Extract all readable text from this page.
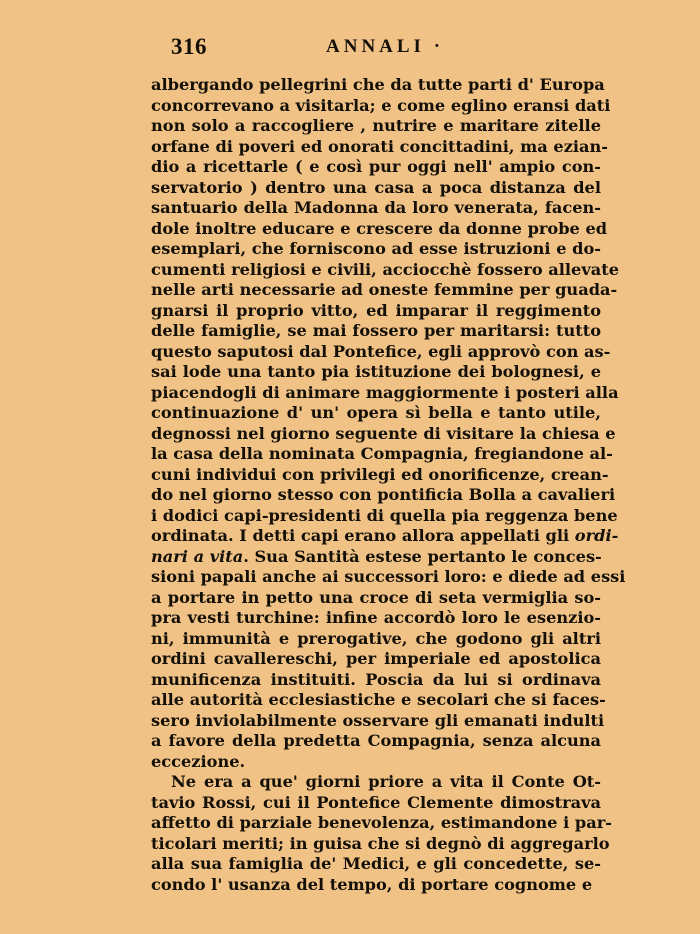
316	ANNALI ·
albergando pellegrini che da tutte parti d' Europa
concorrevano a visitarla; e come eglino eransi dati
non solo a raccogliere , nutrire e maritare zitelle
orfane di poveri ed onorati concittadini, ma ezian-
dio a ricettarle ( e così pur oggi nell' ampio con-
servatorio ) dentro una casa a poca distanza del
santuario della Madonna da loro venerata, facen-
dole inoltre educare e crescere da donne probe ed
esemplari, che forniscono ad esse istruzioni e do-
cumenti religiosi e civili, acciocchè fossero allevate
nelle arti necessarie ad oneste femmine per guada-
gnarsi il proprio vitto, ed imparar il reggimento
delle famiglie, se mai fossero per maritarsi: tutto
questo saputosi dal Pontefice, egli approvò con as-
sai lode una tanto pia istituzione dei bolognesi, e
piacendogli di animare maggiormente i posteri alla
continuazione d' un' opera sì bella e tanto utile,
degnossi nel giorno seguente di visitare la chiesa e
la casa della nominata Compagnia, fregiandone al-
cuni individui con privilegi ed onorificenze, crean-
do nel giorno stesso con pontificia Bolla a cavalieri
i dodici capi-presidenti di quella pia reggenza bene
ordinata. I detti capi erano allora appellati gli ordi-
nari a vita. Sua Santità estese pertanto le conces-
sioni papali anche ai successori loro: e diede ad essi
a portare in petto una croce di seta vermiglia so-
pra vesti turchine: infine accordò loro le esenzio-
ni, immunità e prerogative, che godono gli altri
ordini cavallereschi, per imperiale ed apostolica
munificenza instituiti. Poscia da lui si ordinava
alle autorità ecclesiastiche e secolari che si faces-
sero inviolabilmente osservare gli emanati indulti
a favore della predetta Compagnia, senza alcuna
eccezione.
Ne era a que' giorni priore a vita il Conte Ot-
tavio Rossi, cui il Pontefice Clemente dimostrava
affetto di parziale benevolenza, estimandone i par-
ticolari meriti; in guisa che si degnò di aggregarlo
alla sua famiglia de' Medici, e gli concedette, se-
condo l' usanza del tempo, di portare cognome e
